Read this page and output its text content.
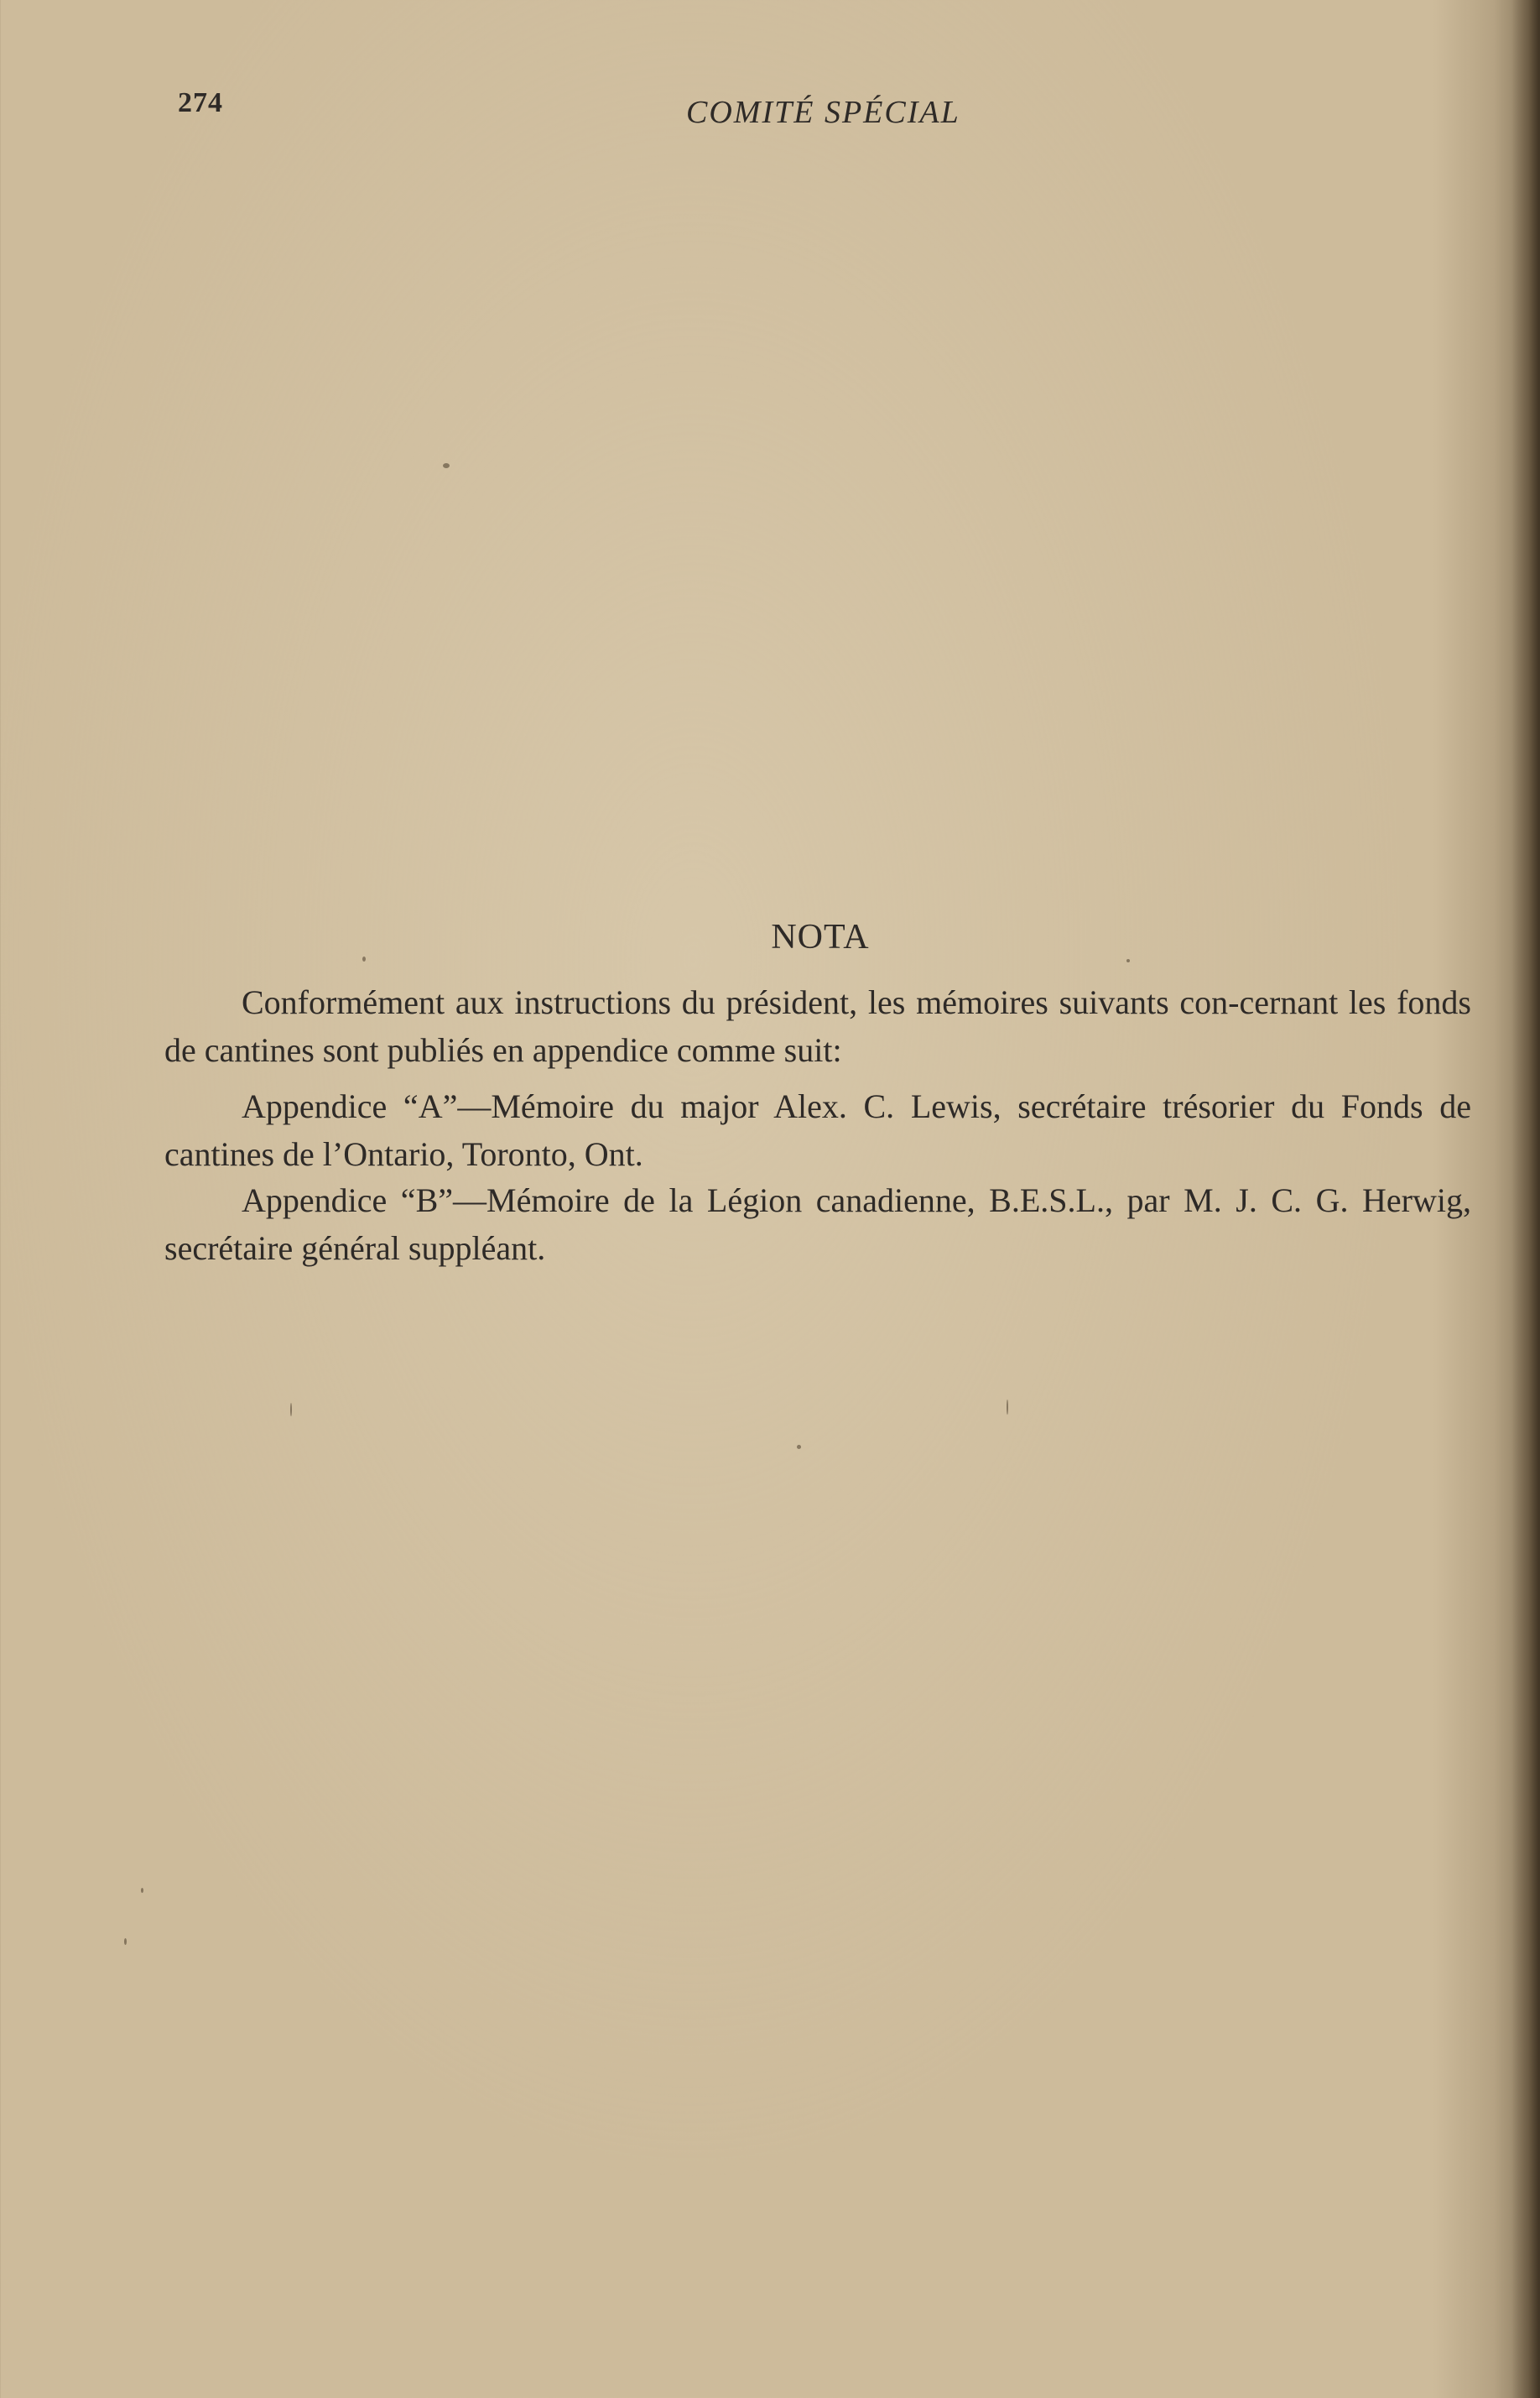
274	COMITÉ SPÉCIAL
NOTA

Conformément aux instructions du président, les mémoires suivants con-cernant les fonds de cantines sont publiés en appendice comme suit:

Appendice “A”—Mémoire du major Alex. C. Lewis, secrétaire trésorier du Fonds de cantines de l’Ontario, Toronto, Ont.

Appendice “B”—Mémoire de la Légion canadienne, B.E.S.L., par M. J. C. G. Herwig, secrétaire général suppléant.
